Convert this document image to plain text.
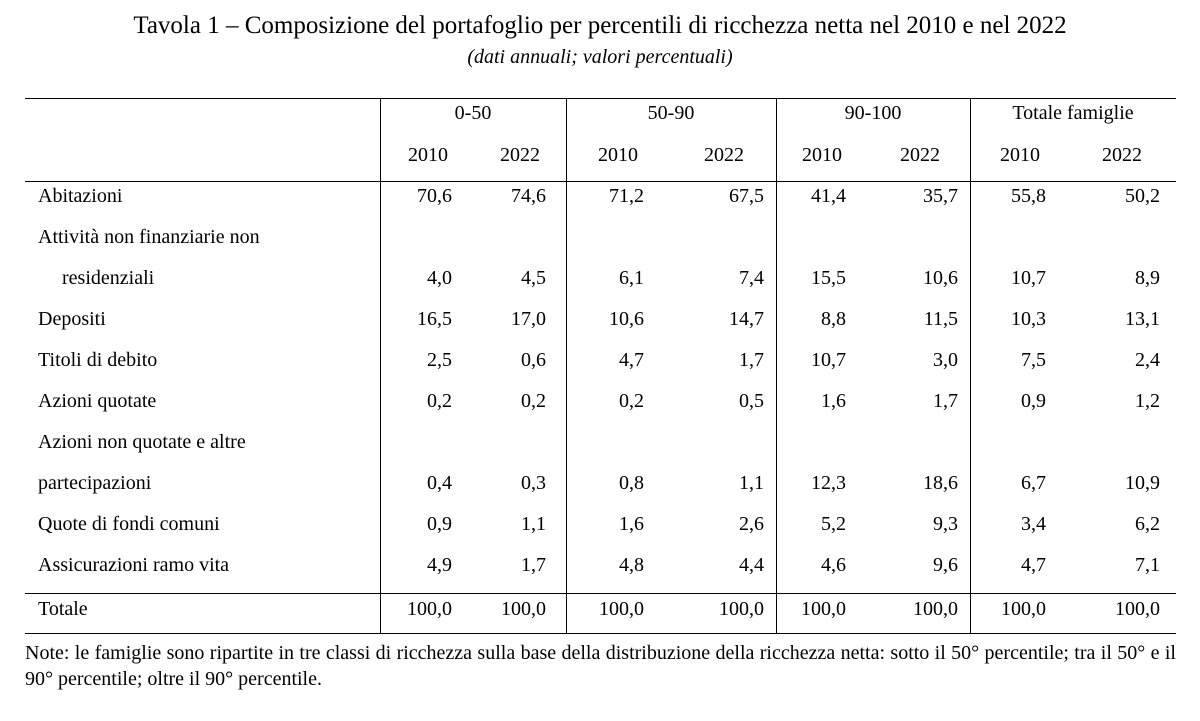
Tavola 1 – Composizione del portafoglio per percentili di ricchezza netta nel 2010 e nel 2022
(dati annuali; valori percentuali)
0-50	50-90	90-100	Totale famiglie
2010	2022	2010	2022	2010	2022	2010	2022
Abitazioni	70,6	74,6	71,2	67,5	41,4	35,7	55,8	50,2
Attività non finanziarie non
residenziali	4,0	4,5	6,1	7,4	15,5	10,6	10,7	8,9
Depositi	16,5	17,0	10,6	14,7	8,8	11,5	10,3	13,1
Titoli di debito	2,5	0,6	4,7	1,7	10,7	3,0	7,5	2,4
Azioni quotate	0,2	0,2	0,2	0,5	1,6	1,7	0,9	1,2
Azioni non quotate e altre
partecipazioni	0,4	0,3	0,8	1,1	12,3	18,6	6,7	10,9
Quote di fondi comuni	0,9	1,1	1,6	2,6	5,2	9,3	3,4	6,2
Assicurazioni ramo vita	4,9	1,7	4,8	4,4	4,6	9,6	4,7	7,1
Totale	100,0	100,0	100,0	100,0	100,0	100,0	100,0	100,0
Note: le famiglie sono ripartite in tre classi di ricchezza sulla base della distribuzione della ricchezza netta: sotto il 50° percentile; tra il 50° e il 90° percentile; oltre il 90° percentile.
